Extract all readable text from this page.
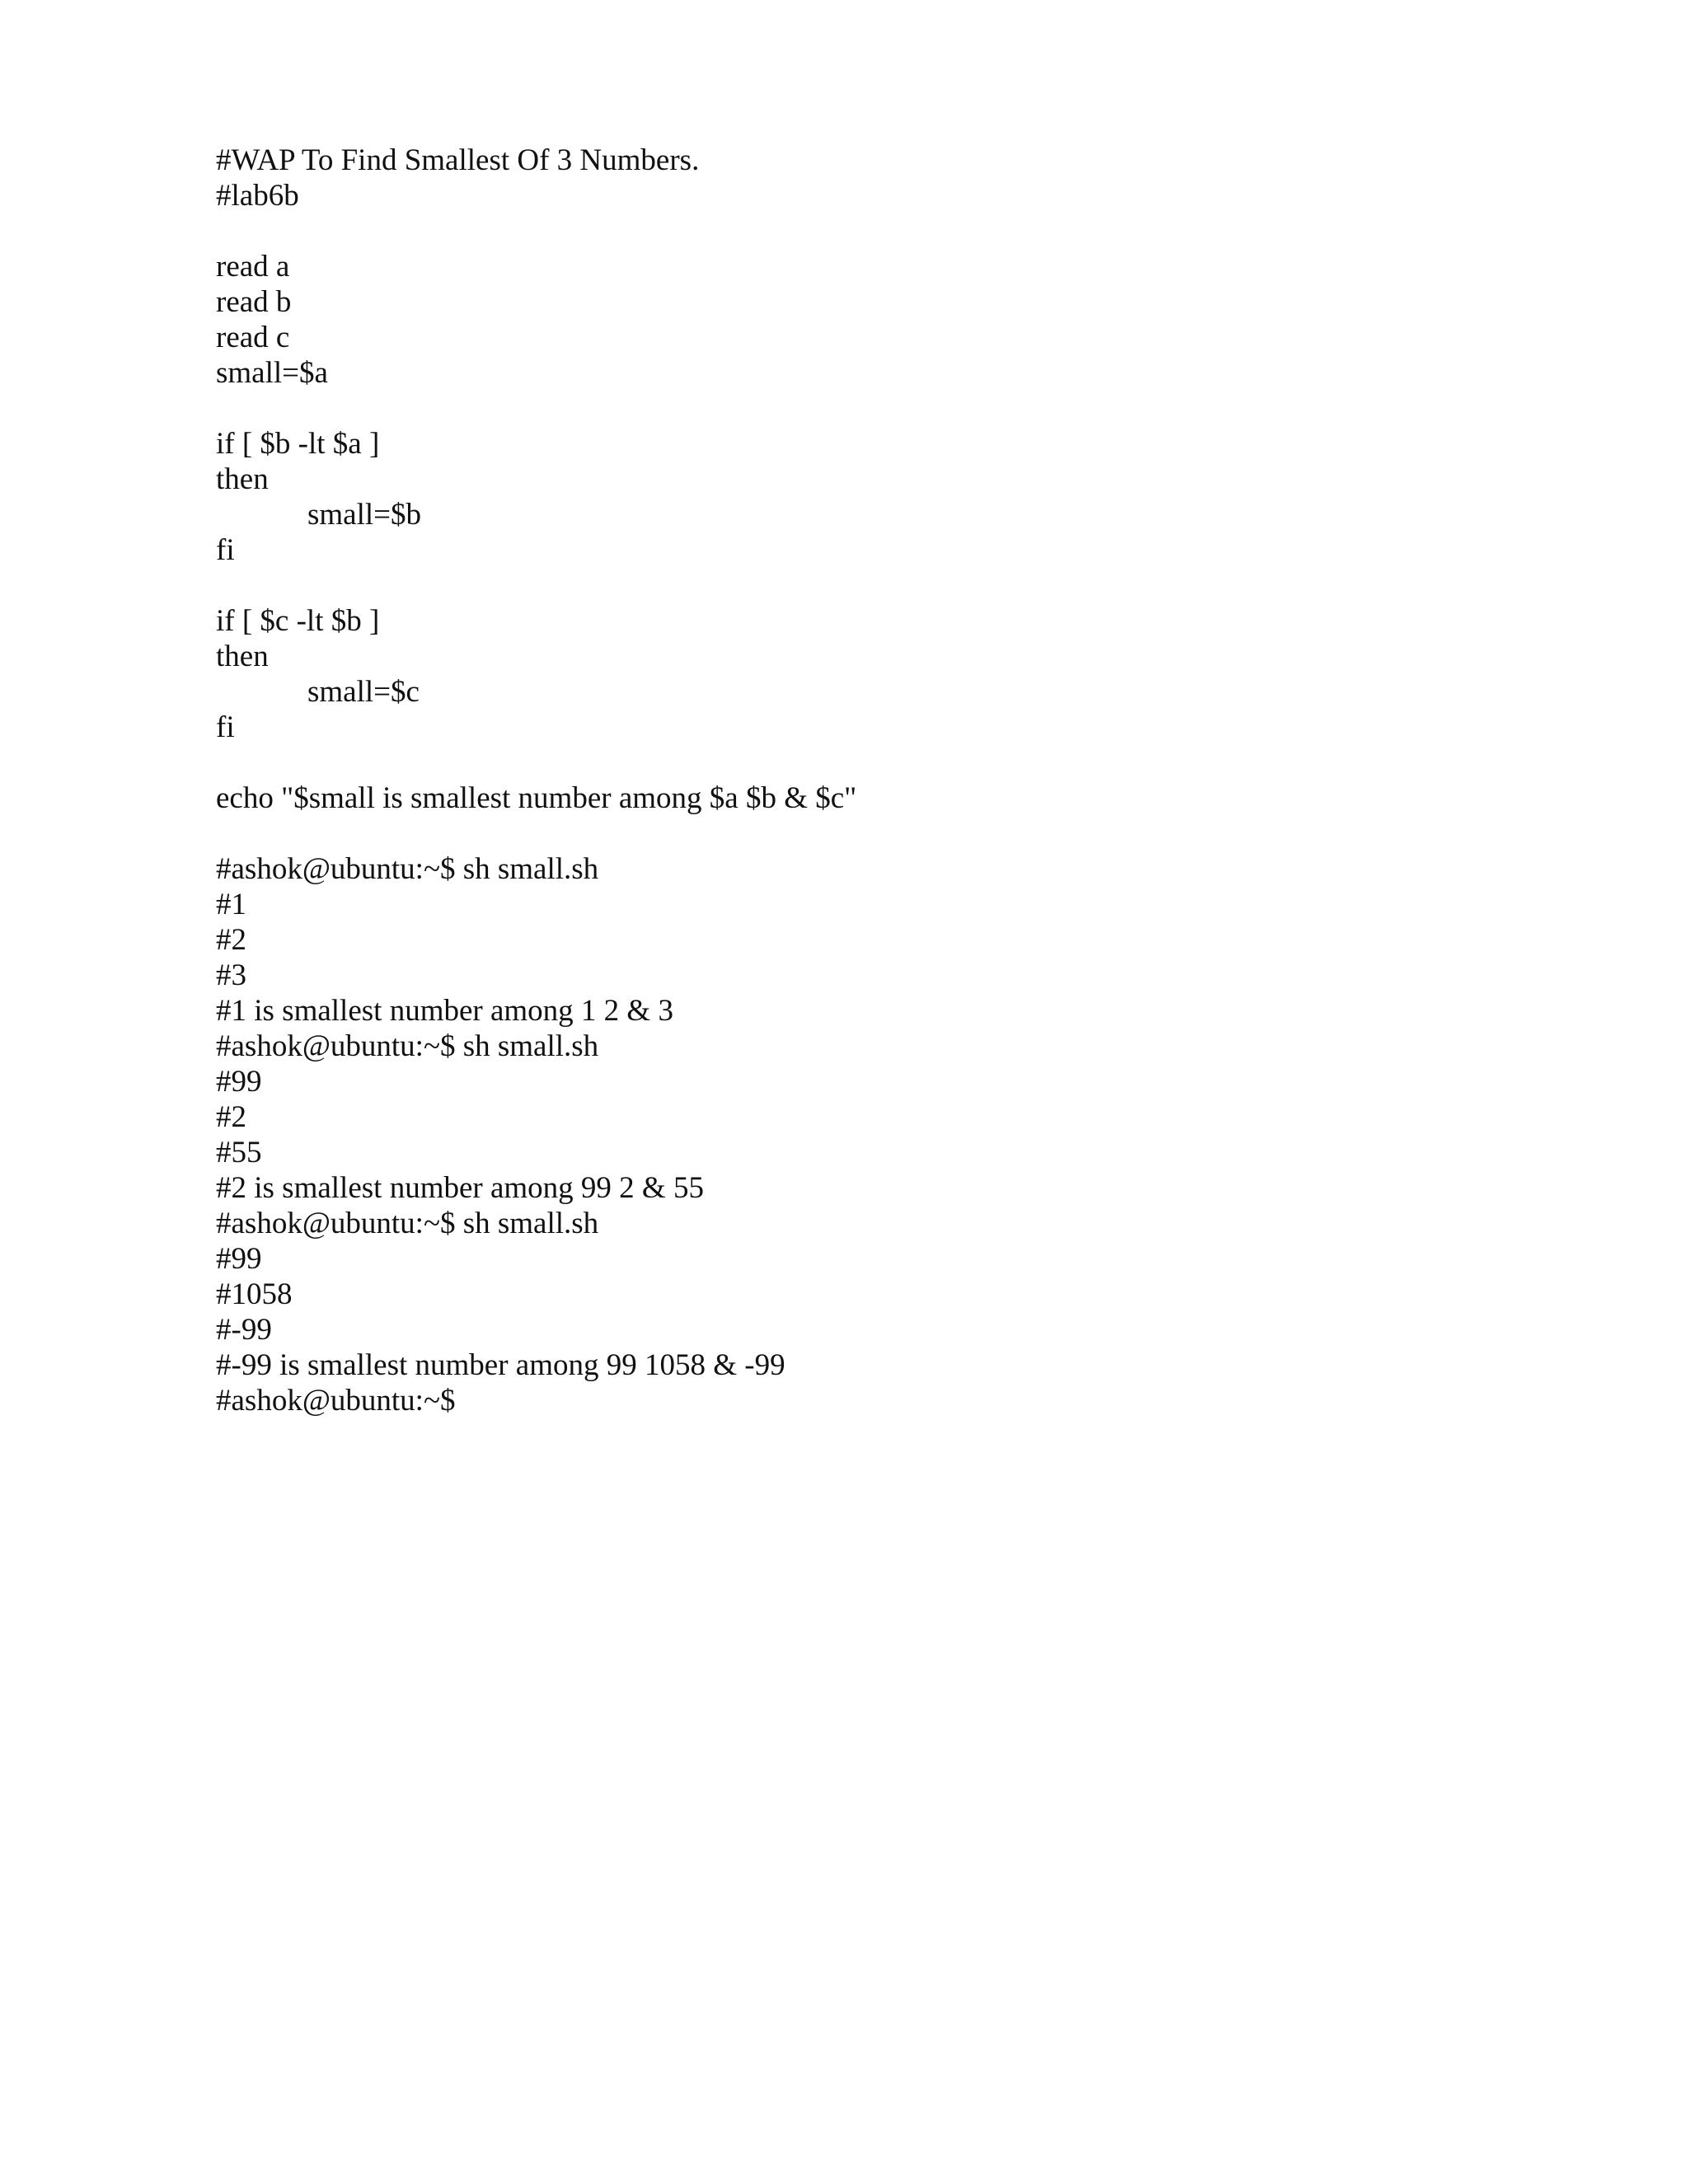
#WAP To Find Smallest Of 3 Numbers.
#lab6b
read a
read b
read c
small=$a
if [ $b -lt $a ]
then
small=$b
fi
if [ $c -lt $b ]
then
small=$c
fi
echo "$small is smallest number among $a $b & $c"
#ashok@ubuntu:~$ sh small.sh
#1
#2
#3
#1 is smallest number among 1 2 & 3
#ashok@ubuntu:~$ sh small.sh
#99
#2
#55
#2 is smallest number among 99 2 & 55
#ashok@ubuntu:~$ sh small.sh
#99
#1058
#-99
#-99 is smallest number among 99 1058 & -99
#ashok@ubuntu:~$
